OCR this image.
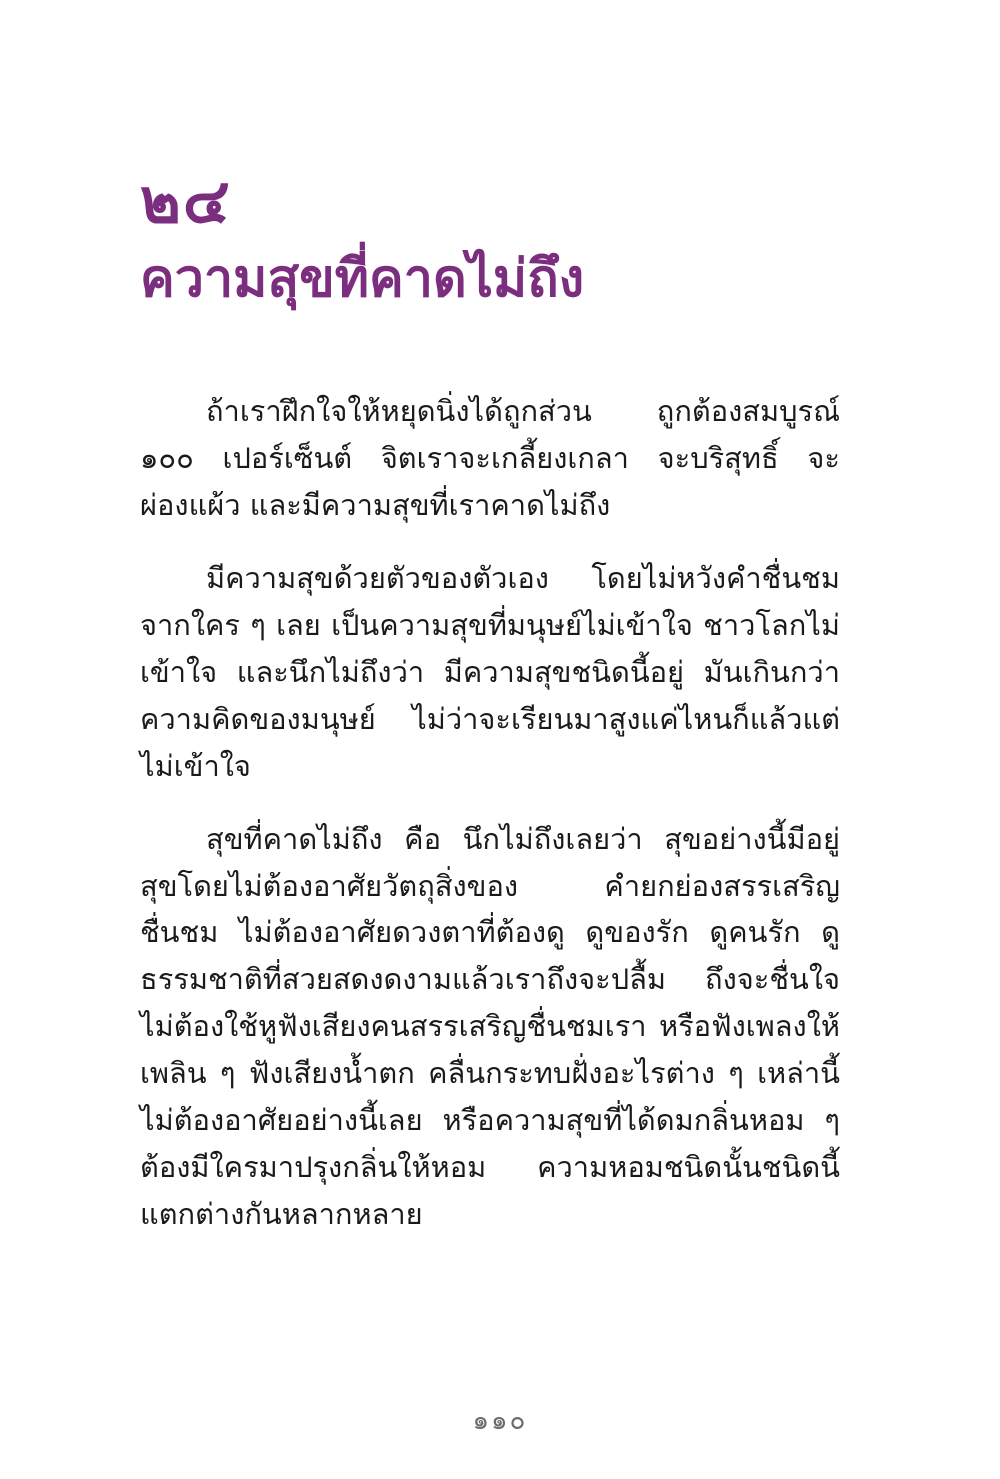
๒๔
ความสุขที่คาดไม่ถึง

ถ้าเราฝึกใจให้หยุดนิ่งได้ถูกส่วน ถูกต้องสมบูรณ์ ๑๐๐ เปอร์เซ็นต์ จิตเราจะเกลี้ยงเกลา จะบริสุทธิ์ จะผ่องแผ้ว และมีความสุขที่เราคาดไม่ถึง

มีความสุขด้วยตัวของตัวเอง โดยไม่หวังคำชื่นชมจากใคร ๆ เลย เป็นความสุขที่มนุษย์ไม่เข้าใจ ชาวโลกไม่เข้าใจ และนึกไม่ถึงว่า มีความสุขชนิดนี้อยู่ มันเกินกว่าความคิดของมนุษย์ ไม่ว่าจะเรียนมาสูงแค่ไหนก็แล้วแต่ ไม่เข้าใจ

สุขที่คาดไม่ถึง คือ นึกไม่ถึงเลยว่า สุขอย่างนี้มีอยู่ สุขโดยไม่ต้องอาศัยวัตถุสิ่งของ คำยกย่องสรรเสริญ ชื่นชม ไม่ต้องอาศัยดวงตาที่ต้องดู ดูของรัก ดูคนรัก ดูธรรมชาติที่สวยสดงดงามแล้วเราถึงจะปลื้ม ถึงจะชื่นใจ ไม่ต้องใช้หูฟังเสียงคนสรรเสริญชื่นชมเรา หรือฟังเพลงให้เพลิน ๆ ฟังเสียงน้ำตก คลื่นกระทบฝั่งอะไรต่าง ๆ เหล่านี้ ไม่ต้องอาศัยอย่างนี้เลย หรือความสุขที่ได้ดมกลิ่นหอม ๆ ต้องมีใครมาปรุงกลิ่นให้หอม ความหอมชนิดนั้นชนิดนี้แตกต่างกันหลากหลาย

๑๑๐
